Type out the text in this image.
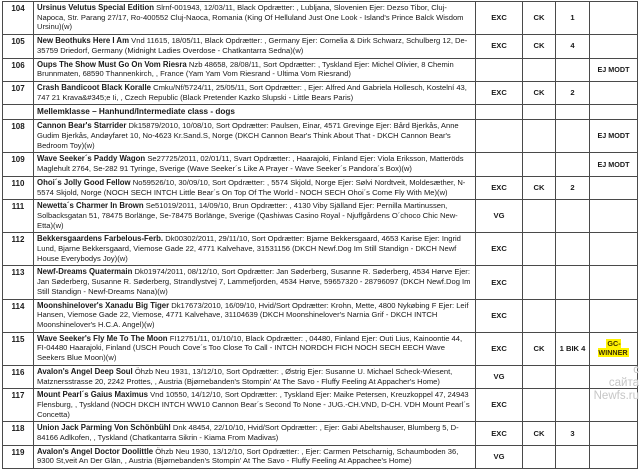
104	Ursinus Velutus Special Edition Slrnf-001943, 12/03/11, Black Opdrætter: , Lubljana, Slovenien Ejer: Dezso Tibor, Cluj-Napoca, Str. Parang 27/17, Ro-400552 Cluj-Naoca, Romania (King Of Helluland Just One Look - Island's Prince Balck Wisdom Ursinu)(w)	EXC	CK	1	
105	New Beothuks Here I Am Vnd 11615, 18/05/11, Black Opdrætter: , Germany Ejer: Cornelia & Dirk Schwarz, Schulberg 12, De-35759 Driedorf, Germany (Midnight Ladies Overdose - Chatkantarra Sedna)(w)	EXC	CK	4	
106	Oups The Show Must Go On Vom Riesra Nzb 48658, 28/08/11, Sort Opdrætter: , Tyskland Ejer: Michel Olivier, 8 Chemin Brunnmaten, 68590 Thannenkirch, , France (Yam Yam Vom Riesrand - Ultima Vom Riesrand)				EJ MODT
107	Crash Bandicoot Black Koralle Cmku/Nf/5724/11, 25/05/11, Sort Opdrætter: , Ejer: Alfred And Gabriela Hollesch, Kostelní 43, 747 21 Krava&#345;e Ii, , Czech Republic (Black Pretender Kazko Slupski - Little Bears Paris)	EXC	CK	2	
	Mellemklasse – Hanhund/Intermediate class - dogs				
108	Cannon Bear's Starrider Dk15879/2010, 10/08/10, Sort Opdrætter: Paulsen, Einar, 4571 Grevinge Ejer: Bård Bjerkås, Anne Gudim Bjerkås, Andøyfaret 10, No-4623 Kr.Sand.S, Norge (DKCH Cannon Bear's Think About That - DKCH Cannon Bear's Bedroom Toy)(w)				EJ MODT
109	Wave Seeker´s Paddy Wagon Se27725/2011, 02/01/11, Svart Opdrætter: , Haarajoki, Finland Ejer: Viola Eriksson, Matteröds Maglehult 2764, Se-282 91 Tyringe, Sverige (Wave Seeker´s Like A Prayer - Wave Seeker´s Pandora´s Box)(w)				EJ MODT
110	Ohoi´s Jolly Good Fellow No59526/10, 30/09/10, Sort Opdrætter: , 5574 Skjold, Norge Ejer: Sølvi Nordtveit, Moldesæther, N-5574 Skjold, Norge (NOCH SECH INTCH Little Bear´s On Top Of The World - NOCH SECH Ohoi´s Come Fly With Me)(w)	EXC	CK	2	
111	Newetta´s Charmer In Brown Se51019/2011, 14/09/10, Brun Opdrætter: , 4130 Viby Själland Ejer: Pernilla Martinussen, Solbacksgatan 51, 78475 Borlänge, Se-78475 Borlänge, Sverige (Qashiwas Casino Royal - Njuffgårdens O´choco Chic New-Etta)(w)	VG			
112	Bekkersgaardens Farbelous-Ferb. Dk00302/2011, 29/11/10, Sort Opdrætter: Bjarne Bekkersgaard, 4653 Karise Ejer: Ingrid Lund, Bjarne Bekkersgaard, Viemose Gade 22, 4771 Kalvehave, 31531156 (DKCH Newf.Dog Im Still Standign - DKCH Newf House Everybodys Joy)(w)	EXC			
113	Newf-Dreams Quatermain Dk01974/2011, 08/12/10, Sort Opdrætter: Jan Søderberg, Susanne R. Søderberg, 4534 Hørve Ejer: Jan Søderberg, Susanne R. Søderberg, Strandlystvej 7, Lammefjorden, 4534 Hørve, 59657320 - 28796097 (DKCH Newf.Dog Im Still Standign - Newf-Dreams Nana)(w)	EXC			
114	Moonshinelover's Xanadu Big Tiger Dk17673/2010, 16/09/10, Hvid/Sort Opdrætter: Krohn, Mette, 4800 Nykøbing F Ejer: Leif Hansen, Viemose Gade 22, Viemose, 4771 Kalvehave, 31104639 (DKCH Moonshinelover's Narnia Grif - DKCH INTCH Moonshinelover's H.C.A. Angel)(w)	EXC			
115	Wave Seeker's Fly Me To The Moon FI12751/11, 01/10/10, Black Opdrætter: , 04480, Finland Ejer: Outi Lius, Kainoontie 44, FI-04480 Haarajoki, Finland (USCH Pouch Cove´s Too Close To Call - INTCH NORDCH FICH NOCH SECH EECH Wave Seekers Blue Moon)(w)	EXC	CK	1 BIK 4	GC-WINNER
116	Avalon's Angel Deep Soul Öhzb Neu 1931, 13/12/10, Sort Opdrætter: , Østrig Ejer: Susanne U. Michael Scheck-Wiesent, Matznersstrasse 20, 2242 Prottes, , Austria (Bjørnebanden's Stompin' At The Savo - Fluffy Feeling At Appacher's Home)	VG			
117	Mount Pearl´s Gaius Maximus Vnd 10550, 14/12/10, Sort Opdrætter: , Tyskland Ejer: Maike Petersen, Kreuzkoppel 47, 24943 Flensburg, , Tyskland (NOCH DKCH INTCH WW10 Cannon Bear´s Second To None - JUG.-CH.VND, D-CH. VDH Mount Pearl´s Concetta)	EXC			
118	Union Jack Parming Von Schönbühl Dnk 48454, 22/10/10, Hvid/Sort Opdrætter: , Ejer: Gabi Abeltshauser, Blumberg 5, D-84166 Adlkofen, , Tyskland (Chatkantarra Sikrin - Kiama From Madivas)	EXC	CK	3	
119	Avalon's Angel Doctor Doolittle Öhzb Neu 1930, 13/12/10, Sort Opdrætter: , Ejer: Carmen Petscharnig, Schaumboden 36, 9300 St,veit An Der Glän, , Austria (Bjørnebanden's Stompin' At The Savo - Fluffy Feeling At Appachee's Home)	VG			
c
сайта
Newfs.ru
